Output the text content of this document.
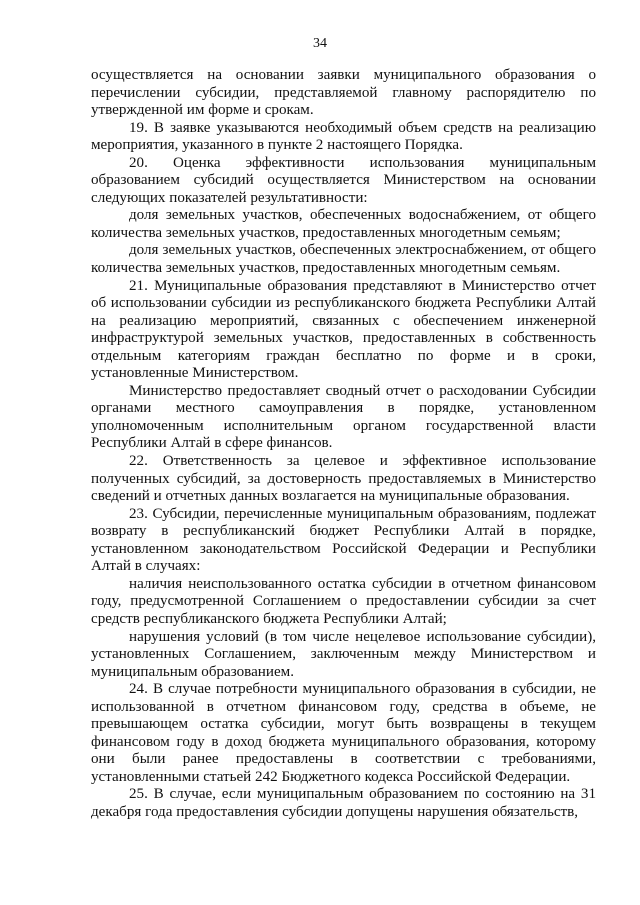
34

осуществляется на основании заявки муниципального образования о перечислении субсидии, представляемой главному распорядителю по утвержденной им форме и срокам.

19. В заявке указываются необходимый объем средств на реализацию мероприятия, указанного в пункте 2 настоящего Порядка.

20. Оценка эффективности использования муниципальным образованием субсидий осуществляется Министерством на основании следующих показателей результативности:

доля земельных участков, обеспеченных водоснабжением, от общего количества земельных участков, предоставленных многодетным семьям;

доля земельных участков, обеспеченных электроснабжением, от общего количества земельных участков, предоставленных многодетным семьям.

21. Муниципальные образования представляют в Министерство отчет об использовании субсидии из республиканского бюджета Республики Алтай на реализацию мероприятий, связанных с обеспечением инженерной инфраструктурой земельных участков, предоставленных в собственность отдельным категориям граждан бесплатно по форме и в сроки, установленные Министерством.

Министерство предоставляет сводный отчет о расходовании Субсидии органами местного самоуправления в порядке, установленном уполномоченным исполнительным органом государственной власти Республики Алтай в сфере финансов.

22. Ответственность за целевое и эффективное использование полученных субсидий, за достоверность предоставляемых в Министерство сведений и отчетных данных возлагается на муниципальные образования.

23. Субсидии, перечисленные муниципальным образованиям, подлежат возврату в республиканский бюджет Республики Алтай в порядке, установленном законодательством Российской Федерации и Республики Алтай в случаях:

наличия неиспользованного остатка субсидии в отчетном финансовом году, предусмотренной Соглашением о предоставлении субсидии за счет средств республиканского бюджета Республики Алтай;

нарушения условий (в том числе нецелевое использование субсидии), установленных Соглашением, заключенным между Министерством и муниципальным образованием.

24. В случае потребности муниципального образования в субсидии, не использованной в отчетном финансовом году, средства в объеме, не превышающем остатка субсидии, могут быть возвращены в текущем финансовом году в доход бюджета муниципального образования, которому они были ранее предоставлены в соответствии с требованиями, установленными статьей 242 Бюджетного кодекса Российской Федерации.

25. В случае, если муниципальным образованием по состоянию на 31 декабря года предоставления субсидии допущены нарушения обязательств,
